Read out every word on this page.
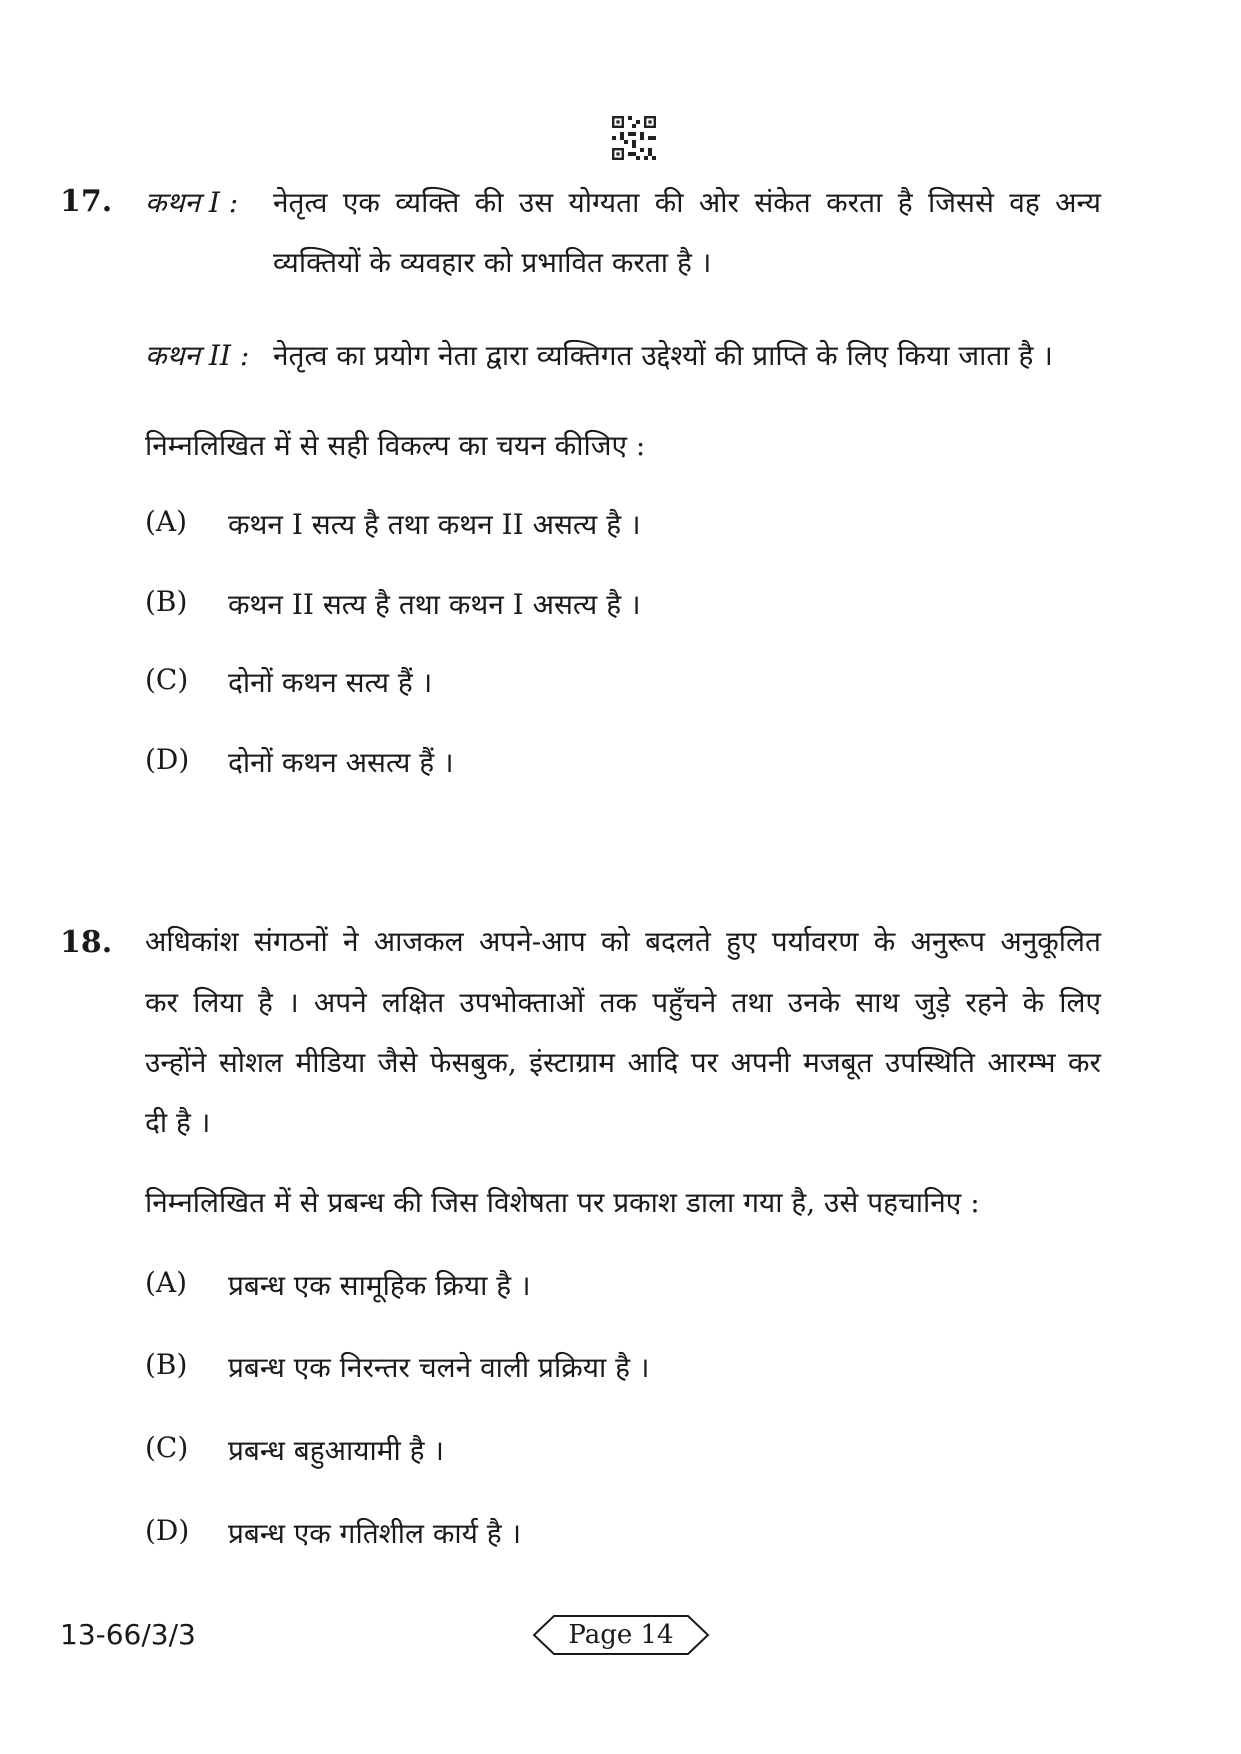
17. कथन I : नेतृत्व एक व्यक्ति की उस योग्यता की ओर संकेत करता है जिससे वह अन्य
व्यक्तियों के व्यवहार को प्रभावित करता है ।
कथन II : नेतृत्व का प्रयोग नेता द्वारा व्यक्तिगत उद्देश्यों की प्राप्ति के लिए किया जाता है ।
निम्नलिखित में से सही विकल्प का चयन कीजिए :
(A) कथन I सत्य है तथा कथन II असत्य है ।
(B) कथन II सत्य है तथा कथन I असत्य है ।
(C) दोनों कथन सत्य हैं ।
(D) दोनों कथन असत्य हैं ।
18. अधिकांश संगठनों ने आजकल अपने-आप को बदलते हुए पर्यावरण के अनुरूप अनुकूलित
कर लिया है । अपने लक्षित उपभोक्ताओं तक पहुँचने तथा उनके साथ जुड़े रहने के लिए
उन्होंने सोशल मीडिया जैसे फेसबुक, इंस्टाग्राम आदि पर अपनी मजबूत उपस्थिति आरम्भ कर
दी है ।
निम्नलिखित में से प्रबन्ध की जिस विशेषता पर प्रकाश डाला गया है, उसे पहचानिए :
(A) प्रबन्ध एक सामूहिक क्रिया है ।
(B) प्रबन्ध एक निरन्तर चलने वाली प्रक्रिया है ।
(C) प्रबन्ध बहुआयामी है ।
(D) प्रबन्ध एक गतिशील कार्य है ।
13-66/3/3	Page 14
